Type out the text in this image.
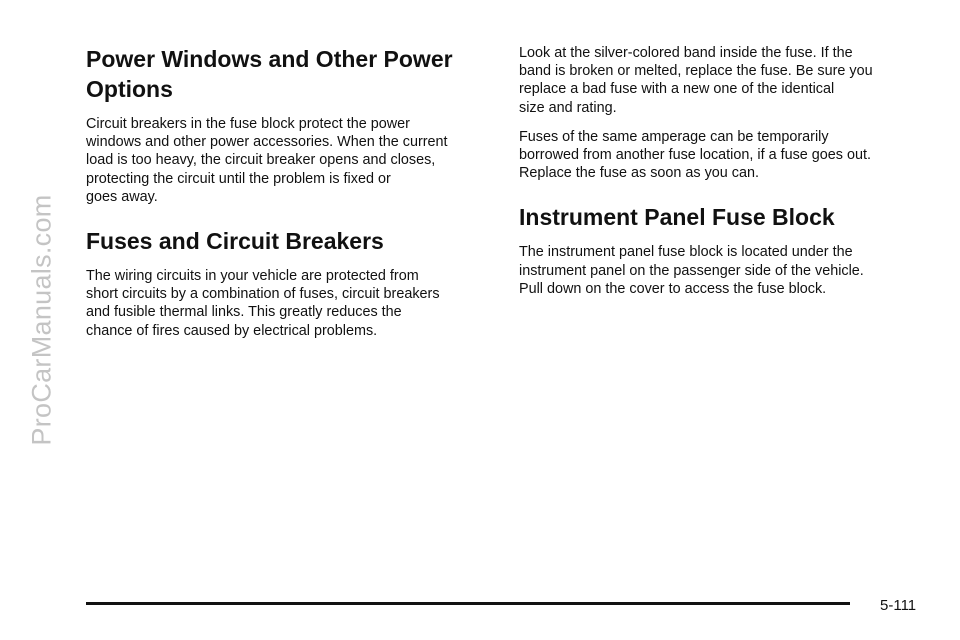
ProCarManuals.com
Power Windows and Other Power
Options

Circuit breakers in the fuse block protect the power
windows and other power accessories. When the current
load is too heavy, the circuit breaker opens and closes,
protecting the circuit until the problem is fixed or
goes away.

Fuses and Circuit Breakers

The wiring circuits in your vehicle are protected from
short circuits by a combination of fuses, circuit breakers
and fusible thermal links. This greatly reduces the
chance of fires caused by electrical problems.

Look at the silver-colored band inside the fuse. If the
band is broken or melted, replace the fuse. Be sure you
replace a bad fuse with a new one of the identical
size and rating.

Fuses of the same amperage can be temporarily
borrowed from another fuse location, if a fuse goes out.
Replace the fuse as soon as you can.

Instrument Panel Fuse Block

The instrument panel fuse block is located under the
instrument panel on the passenger side of the vehicle.
Pull down on the cover to access the fuse block.

5-111
